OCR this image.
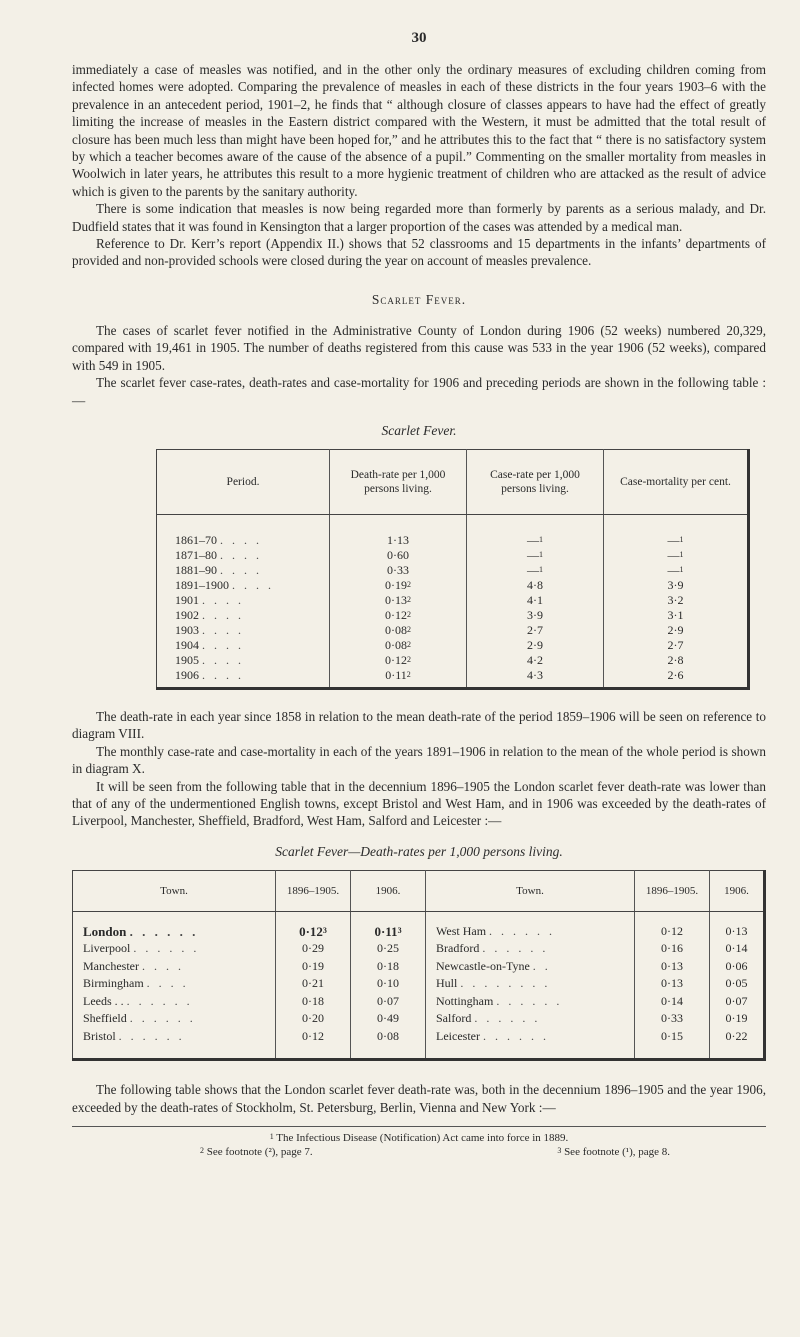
30

immediately a case of measles was notified, and in the other only the ordinary measures of excluding children coming from infected homes were adopted. Comparing the prevalence of measles in each of these districts in the four years 1903–6 with the prevalence in an antecedent period, 1901–2, he finds that “ although closure of classes appears to have had the effect of greatly limiting the increase of measles in the Eastern district compared with the Western, it must be admitted that the total result of closure has been much less than might have been hoped for,” and he attributes this to the fact that “ there is no satisfactory system by which a teacher becomes aware of the cause of the absence of a pupil.” Commenting on the smaller mortality from measles in Woolwich in later years, he attributes this result to a more hygienic treatment of children who are attacked as the result of advice which is given to the parents by the sanitary authority.

There is some indication that measles is now being regarded more than formerly by parents as a serious malady, and Dr. Dudfield states that it was found in Kensington that a larger proportion of the cases was attended by a medical man.

Reference to Dr. Kerr’s report (Appendix II.) shows that 52 classrooms and 15 departments in the infants’ departments of provided and non-provided schools were closed during the year on account of measles prevalence.

Scarlet Fever.

The cases of scarlet fever notified in the Administrative County of London during 1906 (52 weeks) numbered 20,329, compared with 19,461 in 1905. The number of deaths registered from this cause was 533 in the year 1906 (52 weeks), compared with 549 in 1905.

The scarlet fever case-rates, death-rates and case-mortality for 1906 and preceding periods are shown in the following table :—

Scarlet Fever.
Period.	Death-rate per 1,000 persons living.	Case-rate per 1,000 persons living.	Case-mortality per cent.
1861–70 . . . .	1·13	—$^1$	—$^1$
1871–80 . . . .	0·60	—$^1$	—$^1$
1881–90 . . . .	0·33	—$^1$	—$^1$
1891–1900 . . . .	$0\cdot 19^2$	4·8	3·9
1901 . . . .	$0\cdot 13^2$	4·1	3·2
1902 . . . .	$0\cdot 12^2$	3·9	3·1
1903 . . . .	$0\cdot 08^2$	2·7	2·9
1904 . . . .	$0\cdot 08^2$	2·9	2·7
1905 . . . .	$0\cdot 12^2$	4·2	2·8
1906 . . . .	$0\cdot 11^2$	4·3	2·6

The death-rate in each year since 1858 in relation to the mean death-rate of the period 1859–1906 will be seen on reference to diagram VIII.

The monthly case-rate and case-mortality in each of the years 1891–1906 in relation to the mean of the whole period is shown in diagram X.

It will be seen from the following table that in the decennium 1896–1905 the London scarlet fever death-rate was lower than that of any of the undermentioned English towns, except Bristol and West Ham, and in 1906 was exceeded by the death-rates of Liverpool, Manchester, Sheffield, Bradford, West Ham, Salford and Leicester :—

Scarlet Fever—Death-rates per 1,000 persons living.
Town.	1896–1905.	1906.	Town.	1896–1905.	1906.
London . . . . . .	$0\cdot 12^3$	$0\cdot 11^3$	West Ham . . . . . .	0·12	0·13
Liverpool . . . . . .	0·29	0·25	Bradford . . . . . .	0·16	0·14
Manchester . . . .	0·19	0·18	Newcastle-on-Tyne . .	0·13	0·06
Birmingham . . . .	0·21	0·10	Hull . . . . . . . .	0·13	0·05
Leeds . . . . . . . .	0·18	0·07	Nottingham . . . . . .	0·14	0·07
Sheffield . . . . . .	0·20	0·49	Salford . . . . . .	0·33	0·19
Bristol . . . . . .	0·12	0·08	Leicester . . . . . .	0·15	0·22

The following table shows that the London scarlet fever death-rate was, both in the decennium 1896–1905 and the year 1906, exceeded by the death-rates of Stockholm, St. Petersburg, Berlin, Vienna and New York :—

$^1$ The Infectious Disease (Notification) Act came into force in 1889.
$^2$ See footnote (²), page 7.	$^3$ See footnote (¹), page 8.
